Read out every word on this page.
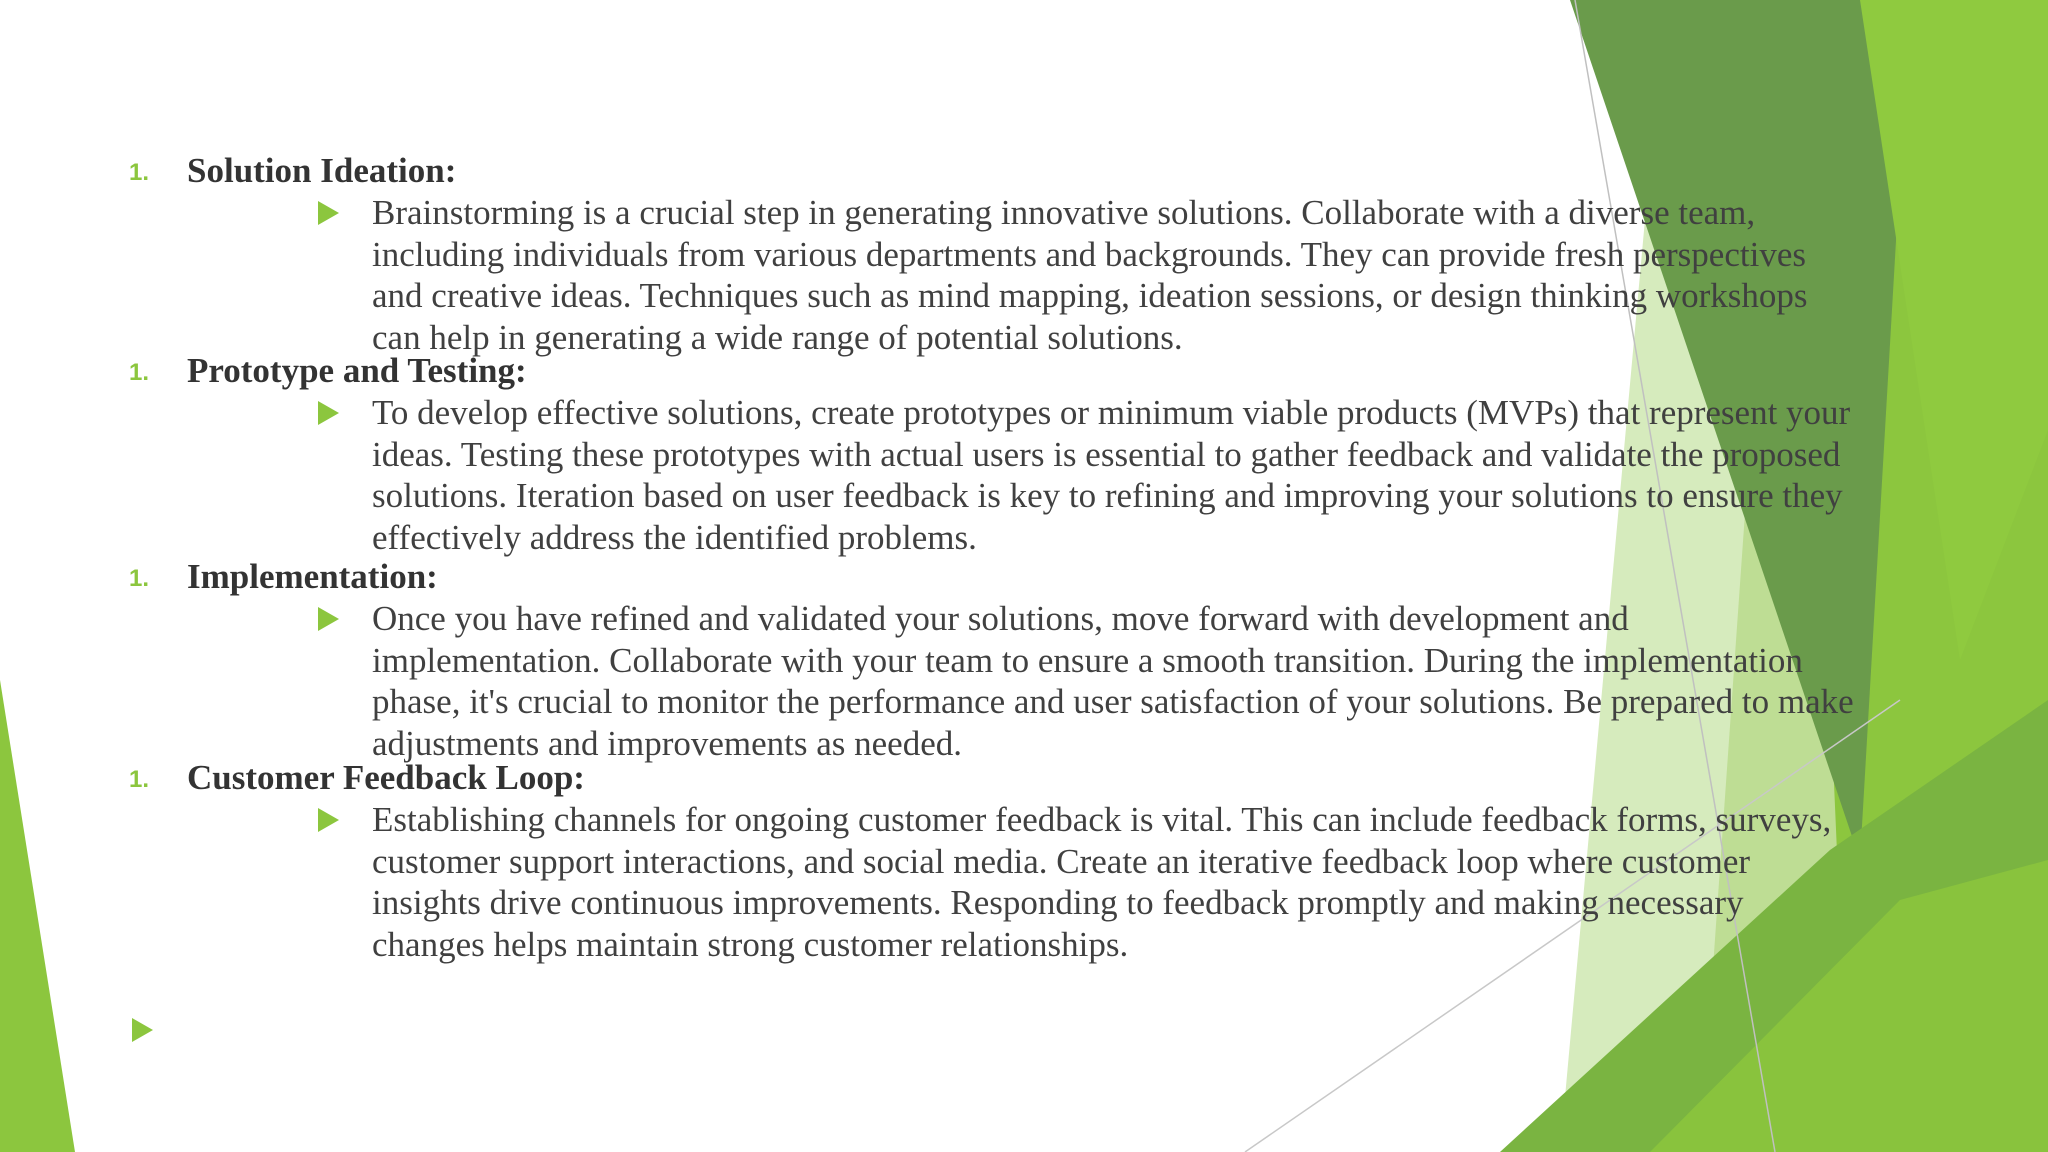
1. Solution Ideation:
Brainstorming is a crucial step in generating innovative solutions. Collaborate with a diverse team,
including individuals from various departments and backgrounds. They can provide fresh perspectives
and creative ideas. Techniques such as mind mapping, ideation sessions, or design thinking workshops
can help in generating a wide range of potential solutions.
1. Prototype and Testing:
To develop effective solutions, create prototypes or minimum viable products (MVPs) that represent your
ideas. Testing these prototypes with actual users is essential to gather feedback and validate the proposed
solutions. Iteration based on user feedback is key to refining and improving your solutions to ensure they
effectively address the identified problems.
1. Implementation:
Once you have refined and validated your solutions, move forward with development and
implementation. Collaborate with your team to ensure a smooth transition. During the implementation
phase, it's crucial to monitor the performance and user satisfaction of your solutions. Be prepared to make
adjustments and improvements as needed.
1. Customer Feedback Loop:
Establishing channels for ongoing customer feedback is vital. This can include feedback forms, surveys,
customer support interactions, and social media. Create an iterative feedback loop where customer
insights drive continuous improvements. Responding to feedback promptly and making necessary
changes helps maintain strong customer relationships.
